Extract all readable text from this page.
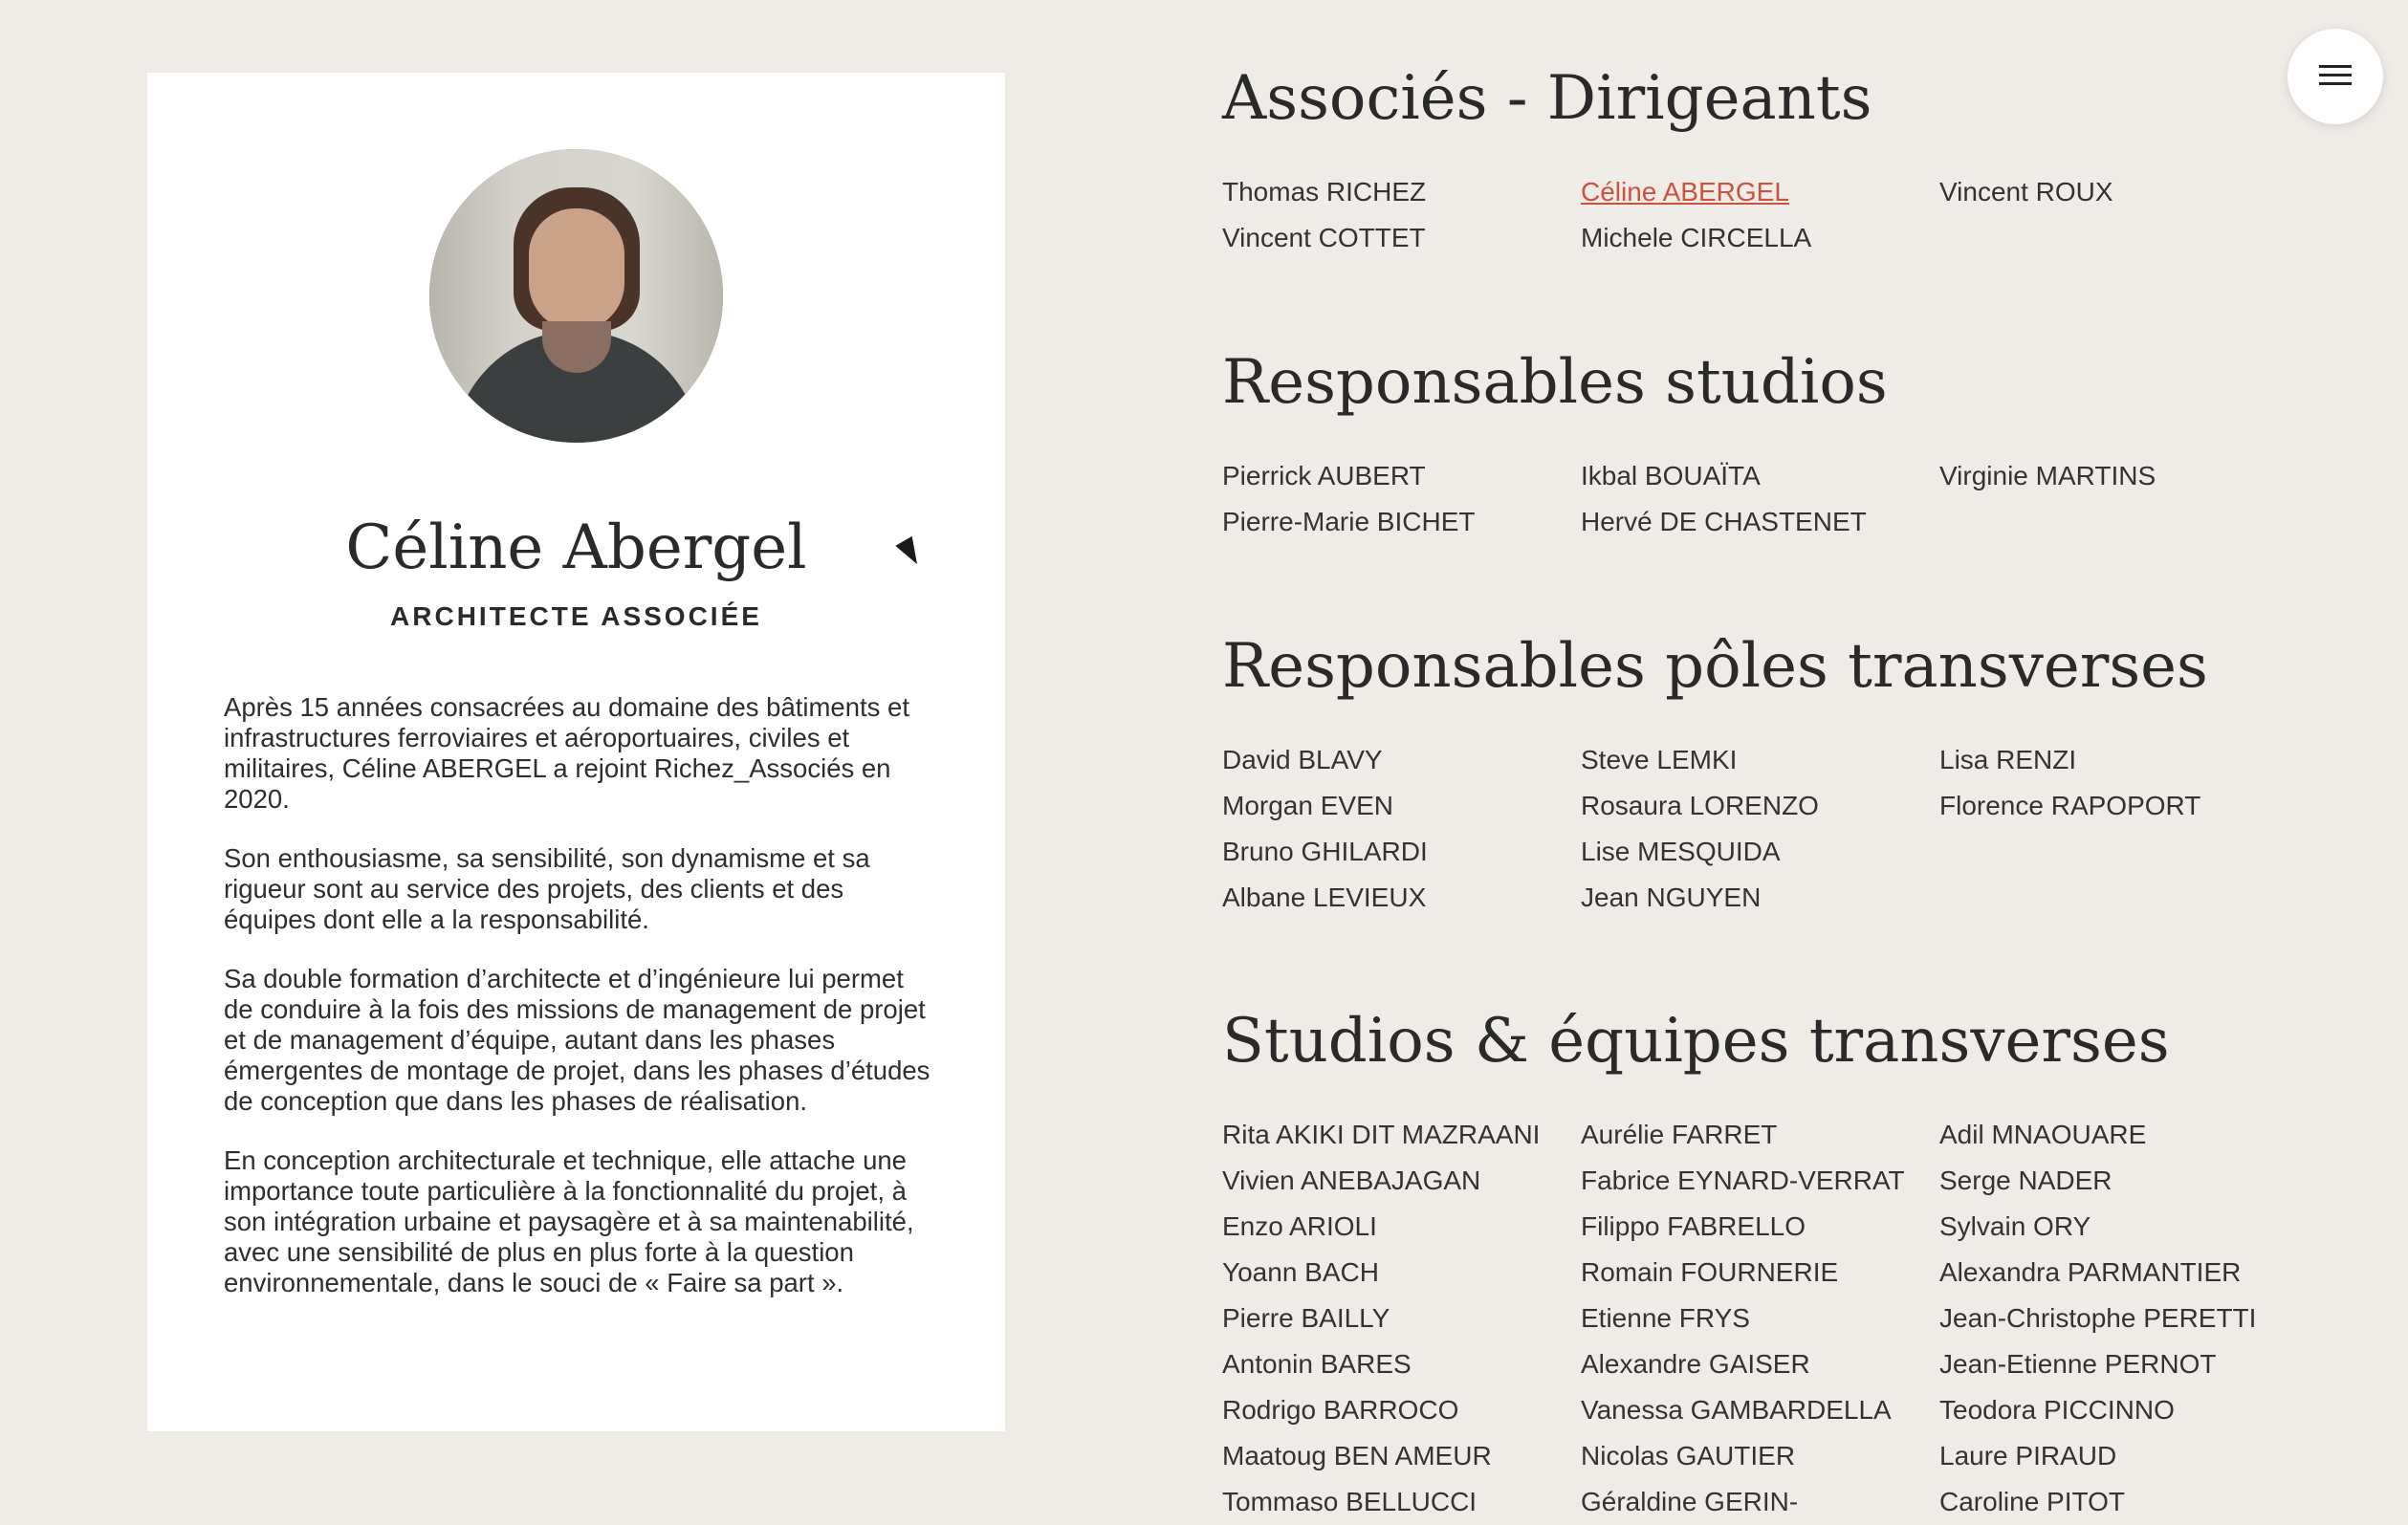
Céline Abergel
ARCHITECTE ASSOCIÉE

Après 15 années consacrées au domaine des bâtiments et infrastructures ferroviaires et aéroportuaires, civiles et militaires, Céline ABERGEL a rejoint Richez_Associés en 2020.

Son enthousiasme, sa sensibilité, son dynamisme et sa rigueur sont au service des projets, des clients et des équipes dont elle a la responsabilité.

Sa double formation d’architecte et d’ingénieure lui permet de conduire à la fois des missions de management de projet et de management d’équipe, autant dans les phases émergentes de montage de projet, dans les phases d’études de conception que dans les phases de réalisation.

En conception architecturale et technique, elle attache une importance toute particulière à la fonctionnalité du projet, à son intégration urbaine et paysagère et à sa maintenabilité, avec une sensibilité de plus en plus forte à la question environnementale, dans le souci de « Faire sa part ».

Associés - Dirigeants
Thomas RICHEZ
Vincent COTTET
Céline ABERGEL
Michele CIRCELLA
Vincent ROUX
Responsables studios
Pierrick AUBERT
Pierre-Marie BICHET
Ikbal BOUAÏTA
Hervé DE CHASTENET
Virginie MARTINS
Responsables pôles transverses
David BLAVY
Morgan EVEN
Bruno GHILARDI
Albane LEVIEUX
Steve LEMKI
Rosaura LORENZO
Lise MESQUIDA
Jean NGUYEN
Lisa RENZI
Florence RAPOPORT
Studios & équipes transverses
Rita AKIKI DIT MAZRAANI
Vivien ANEBAJAGAN
Enzo ARIOLI
Yoann BACH
Pierre BAILLY
Antonin BARES
Rodrigo BARROCO
Maatoug BEN AMEUR
Tommaso BELLUCCI
Aurélie FARRET
Fabrice EYNARD-VERRAT
Filippo FABRELLO
Romain FOURNERIE
Etienne FRYS
Alexandre GAISER
Vanessa GAMBARDELLA
Nicolas GAUTIER
Géraldine GERIN-
Adil MNAOUARE
Serge NADER
Sylvain ORY
Alexandra PARMANTIER
Jean-Christophe PERETTI
Jean-Etienne PERNOT
Teodora PICCINNO
Laure PIRAUD
Caroline PITOT
